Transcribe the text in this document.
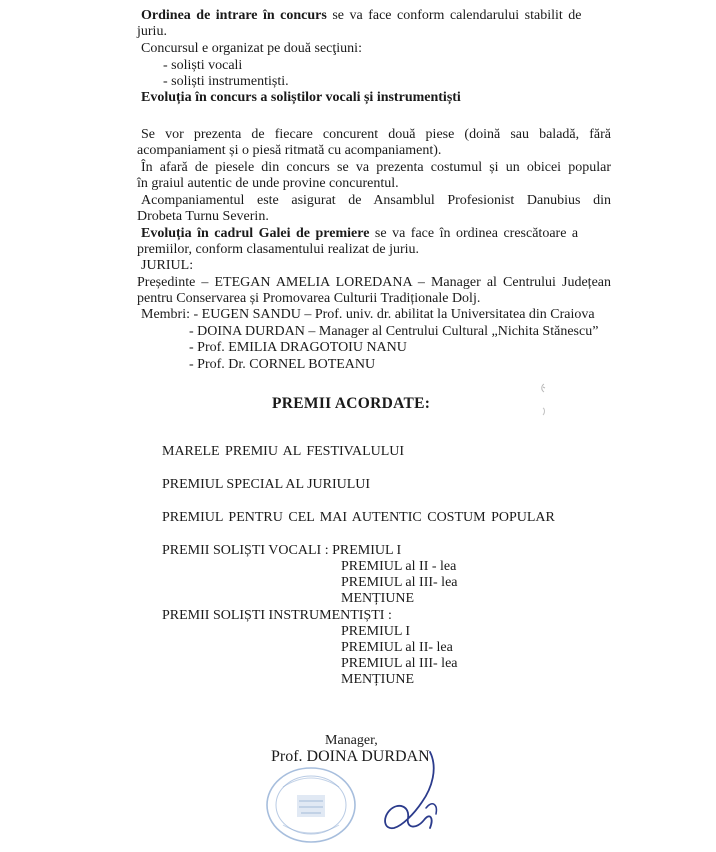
Ordinea de intrare în concurs se va face conform calendarului stabilit de
juriu.
Concursul e organizat pe două secţiuni:
- soliști vocali
- soliști instrumentiști.
Evoluția în concurs a soliștilor vocali și instrumentiști
Se vor prezenta de fiecare concurent două piese (doină sau baladă, fără
acompaniament și o piesă ritmată cu acompaniament).
În afară de piesele din concurs se va prezenta costumul și un obicei popular
în graiul autentic de unde provine concurentul.
Acompaniamentul este asigurat de Ansamblul Profesionist Danubius din
Drobeta Turnu Severin.
Evoluția în cadrul Galei de premiere se va face în ordinea crescătoare a
premiilor, conform clasamentului realizat de juriu.
JURIUL:
Președinte – ETEGAN AMELIA LOREDANA – Manager al Centrului Județean
pentru Conservarea și Promovarea Culturii Tradiționale Dolj.
Membri: - EUGEN SANDU – Prof. univ. dr. abilitat la Universitatea din Craiova
- DOINA DURDAN – Manager al Centrului Cultural „Nichita Stănescu”
- Prof. EMILIA DRAGOTOIU NANU
- Prof. Dr. CORNEL BOTEANU
PREMII ACORDATE:
MARELE PREMIU AL FESTIVALULUI
PREMIUL SPECIAL AL JURIULUI
PREMIUL PENTRU CEL MAI AUTENTIC COSTUM POPULAR
PREMII SOLIȘTI VOCALI : PREMIUL I
PREMIUL al II - lea
PREMIUL al III- lea
MENȚIUNE
PREMII SOLIȘTI INSTRUMENTIȘTI :
PREMIUL I
PREMIUL al II- lea
PREMIUL al III- lea
MENȚIUNE
Manager,
Prof. DOINA DURDAN
